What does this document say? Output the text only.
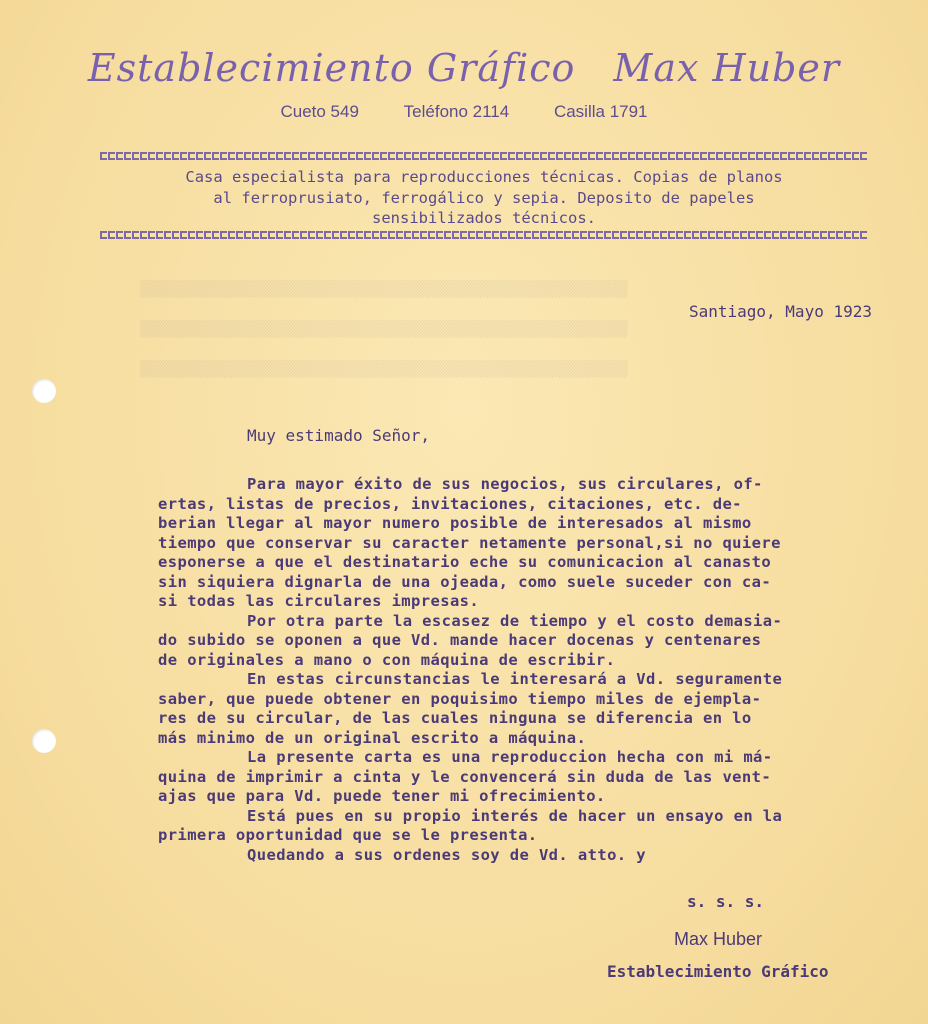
▒▒▒▒▒▒▒▒▒▒▒▒▒▒▒▒▒▒▒▒▒▒▒▒▒▒▒▒▒▒▒▒▒▒▒▒▒▒▒▒▒▒▒▒▒▒▒▒▒▒▒▒▒▒
▒▒▒▒▒▒▒▒▒▒▒▒▒▒▒▒▒▒▒▒▒▒▒▒▒▒▒▒▒▒▒▒▒▒▒▒▒▒▒▒▒▒▒▒▒▒▒▒▒▒▒▒▒▒
▒▒▒▒▒▒▒▒▒▒▒▒▒▒▒▒▒▒▒▒▒▒▒▒▒▒▒▒▒▒▒▒▒▒▒▒▒▒▒▒▒▒▒▒▒▒▒▒▒▒▒▒▒▒
Establecimiento Gráfico Max Huber
Cueto 549	Teléfono 2114	Casilla 1791
Casa especialista para reproducciones técnicas. Copias de planos
al ferroprusiato, ferrogálico y sepia. Deposito de papeles
sensibilizados técnicos.
Santiago, Mayo 1923
Muy estimado Señor,
Para mayor éxito de sus negocios, sus circulares, of-
ertas, listas de precios, invitaciones, citaciones, etc. de-
berian llegar al mayor numero posible de interesados al mismo
tiempo que conservar su caracter netamente personal,si no quiere
esponerse a que el destinatario eche su comunicacion al canasto
sin siquiera dignarla de una ojeada, como suele suceder con ca-
si todas las circulares impresas.
Por otra parte la escasez de tiempo y el costo demasia-
do subido se oponen a que Vd. mande hacer docenas y centenares
de originales a mano o con máquina de escribir.
En estas circunstancias le interesará a Vd. seguramente
saber, que puede obtener en poquisimo tiempo miles de ejempla-
res de su circular, de las cuales ninguna se diferencia en lo
más minimo de un original escrito a máquina.
La presente carta es una reproduccion hecha con mi má-
quina de imprimir a cinta y le convencerá sin duda de las vent-
ajas que para Vd. puede tener mi ofrecimiento.
Está pues en su propio interés de hacer un ensayo en la
primera oportunidad que se le presenta.
Quedando a sus ordenes soy de Vd. atto. y
s. s. s.
Max Huber
Establecimiento Gráfico
